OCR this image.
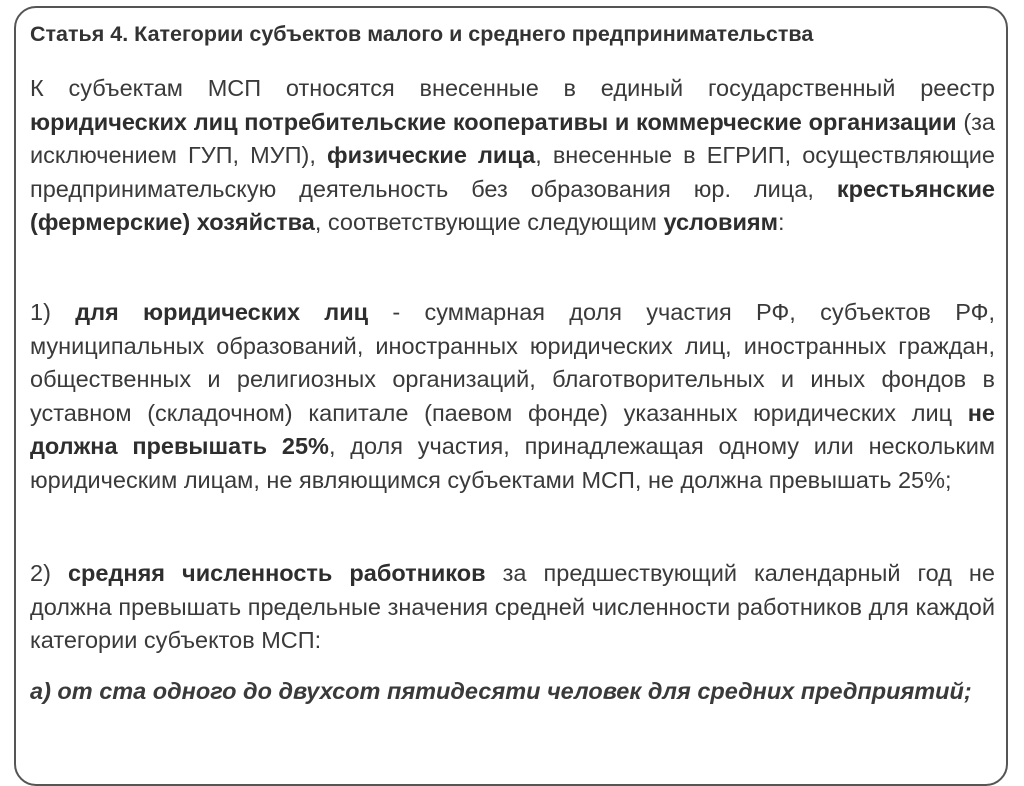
Статья 4. Категории субъектов малого и среднего предпринимательства
К субъектам МСП относятся внесенные в единый государственный реестр юридических лиц потребительские кооперативы и коммерческие организации (за исключением ГУП, МУП), физические лица, внесенные в ЕГРИП, осуществляющие предпринимательскую деятельность без образования юр. лица, крестьянские (фермерские) хозяйства, соответствующие следующим условиям:
1) для юридических лиц - суммарная доля участия РФ, субъектов РФ, муниципальных образований, иностранных юридических лиц, иностранных граждан, общественных и религиозных организаций, благотворительных и иных фондов в уставном (складочном) капитале (паевом фонде) указанных юридических лиц не должна превышать 25%, доля участия, принадлежащая одному или нескольким юридическим лицам, не являющимся субъектами МСП, не должна превышать 25%;
2) средняя численность работников за предшествующий календарный год не должна превышать предельные значения средней численности работников для каждой категории субъектов МСП:
а) от ста одного до двухсот пятидесяти человек для средних предприятий;
